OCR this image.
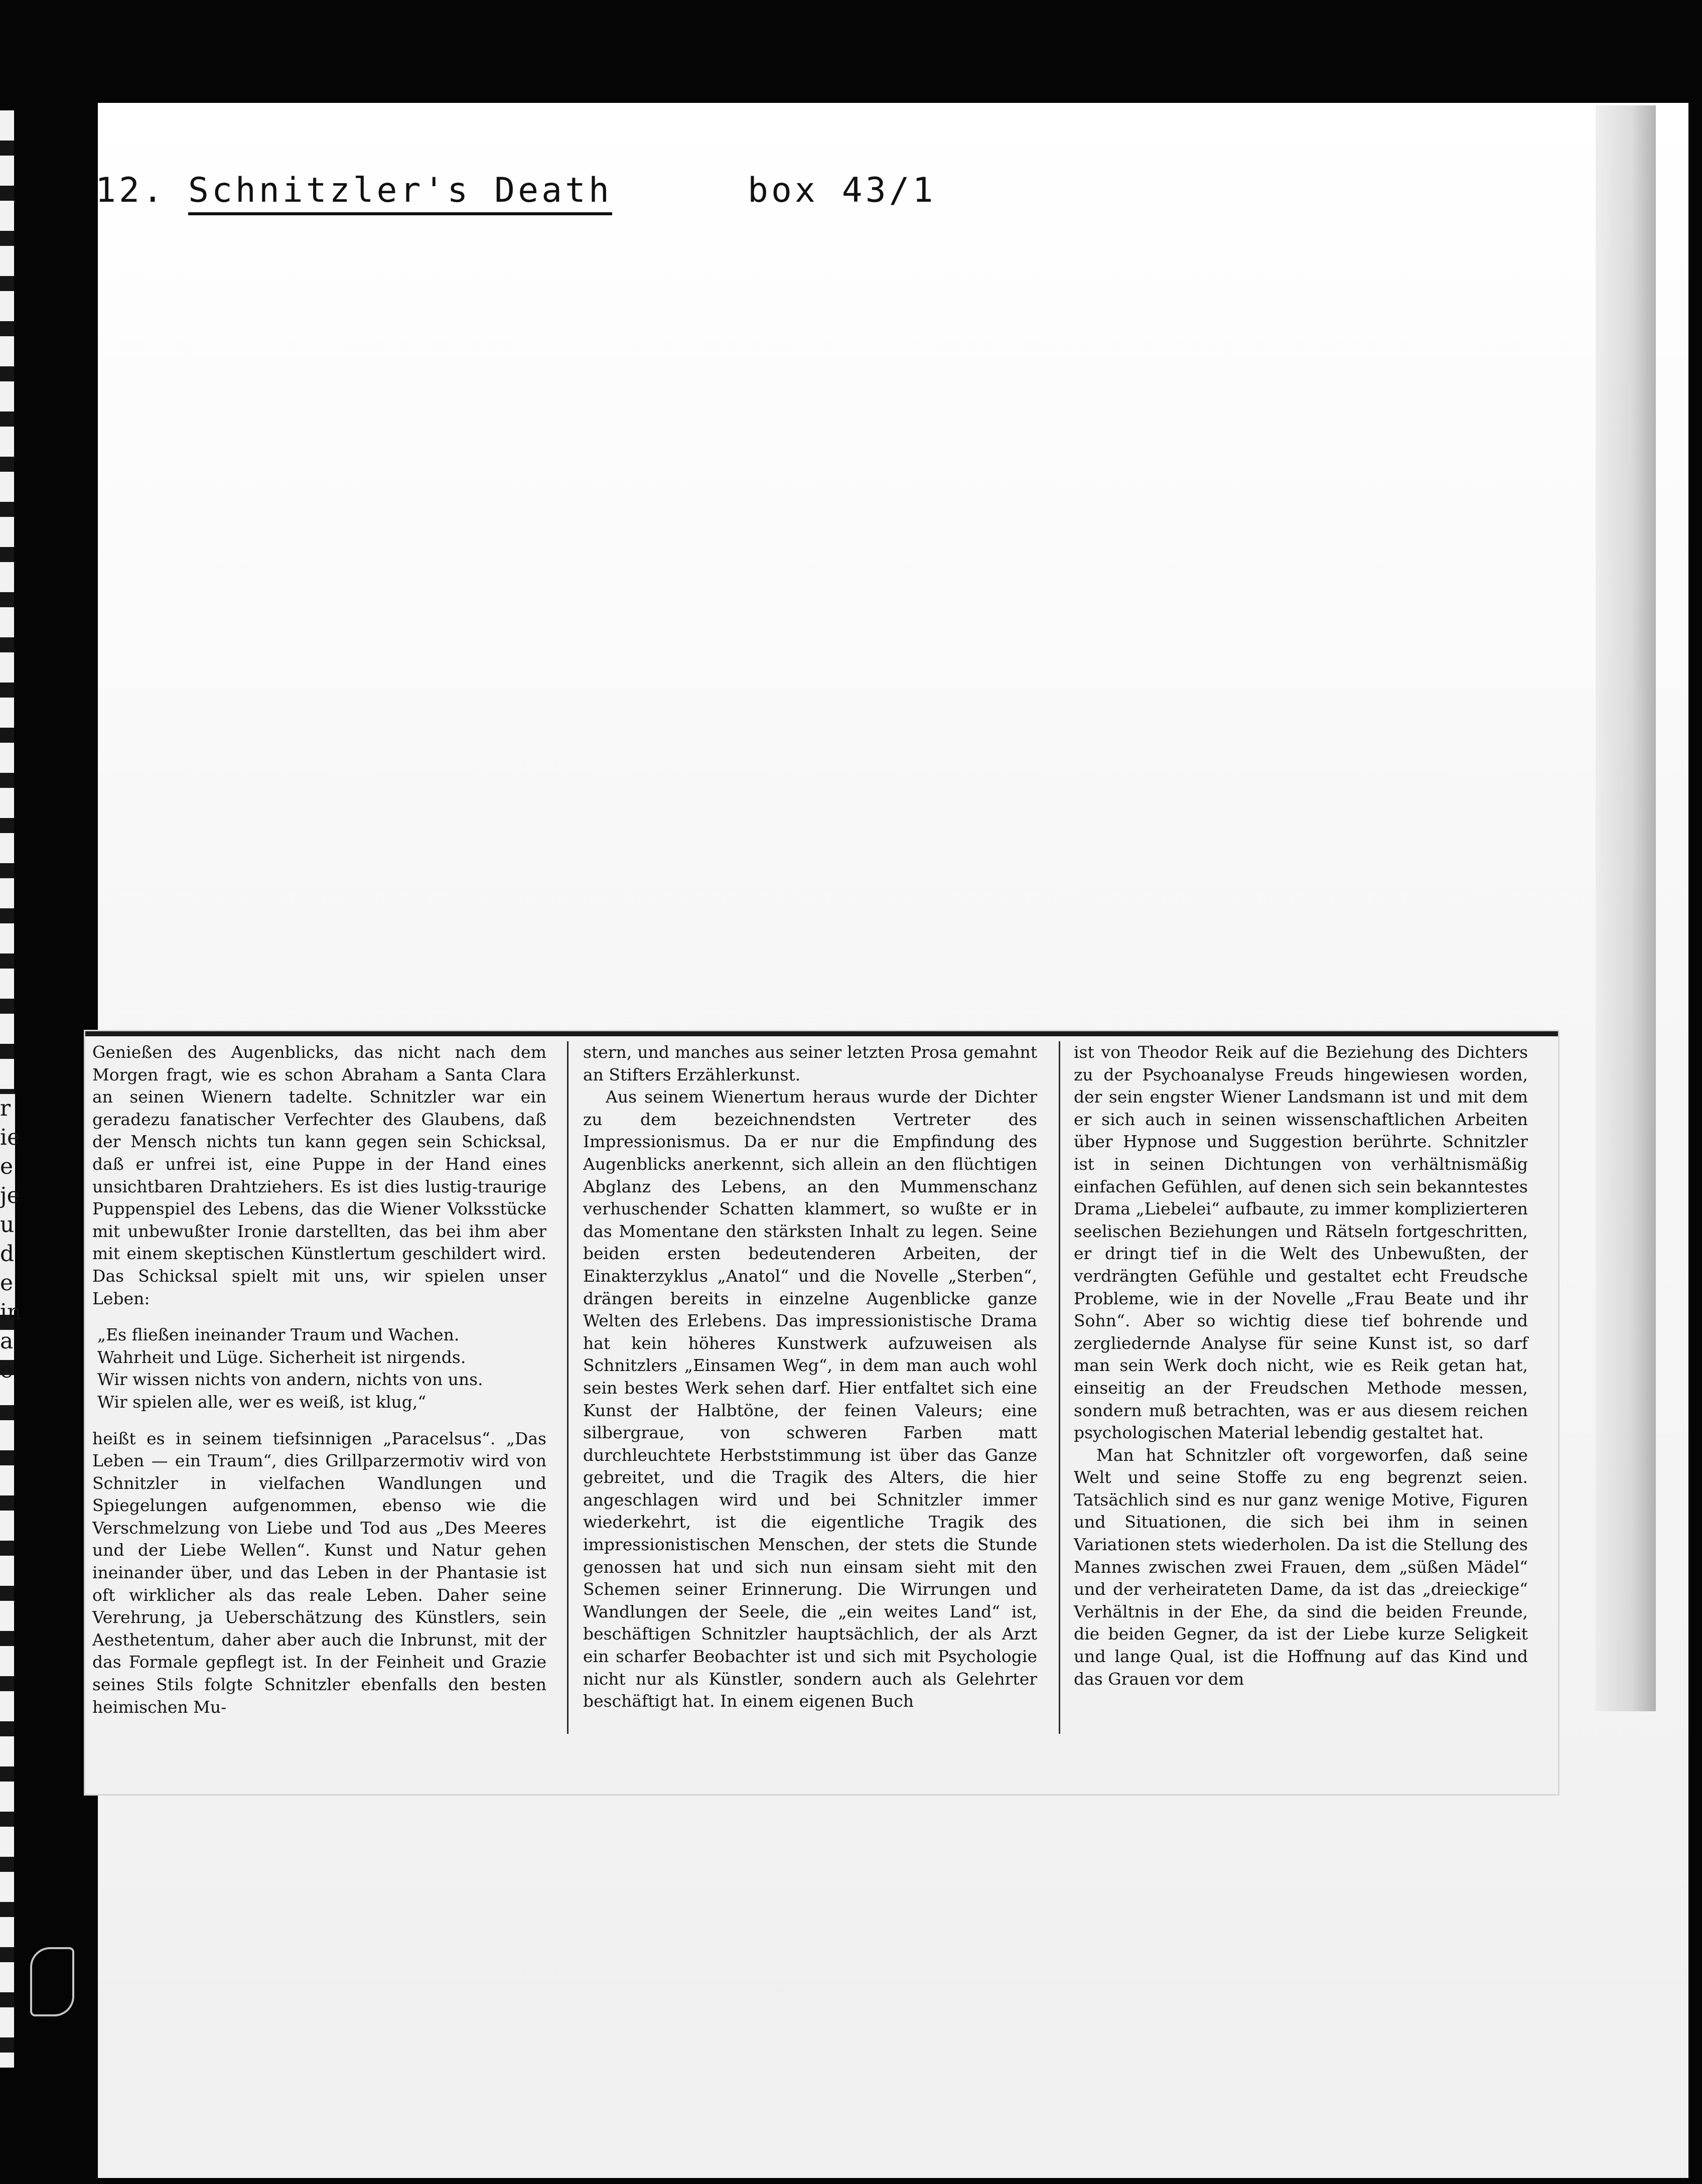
r
ie
e
je
u
d
e
in
a
e
12. Schnitzler's Death	box 43/1

Genießen des Augenblicks, das nicht nach dem Morgen fragt, wie es schon Abraham a Santa Clara an seinen Wienern tadelte. Schnitzler war ein geradezu fanatischer Verfechter des Glaubens, daß der Mensch nichts tun kann gegen sein Schicksal, daß er unfrei ist, eine Puppe in der Hand eines unsichtbaren Drahtziehers. Es ist dies lustig-traurige Puppenspiel des Lebens, das die Wiener Volksstücke mit unbewußter Ironie darstellten, das bei ihm aber mit einem skeptischen Künstlertum geschildert wird. Das Schicksal spielt mit uns, wir spielen unser Leben:

„Es fließen ineinander Traum und Wachen.

Wahrheit und Lüge. Sicherheit ist nirgends.

Wir wissen nichts von andern, nichts von uns.

Wir spielen alle, wer es weiß, ist klug,“

heißt es in seinem tiefsinnigen „Paracelsus“. „Das Leben — ein Traum“, dies Grillparzermotiv wird von Schnitzler in vielfachen Wandlungen und Spiegelungen aufgenommen, ebenso wie die Verschmelzung von Liebe und Tod aus „Des Meeres und der Liebe Wellen“. Kunst und Natur gehen ineinander über, und das Leben in der Phantasie ist oft wirklicher als das reale Leben. Daher seine Verehrung, ja Ueberschätzung des Künstlers, sein Aesthetentum, daher aber auch die Inbrunst, mit der das Formale gepflegt ist. In der Feinheit und Grazie seines Stils folgte Schnitzler ebenfalls den besten heimischen Mu-

stern, und manches aus seiner letzten Prosa gemahnt an Stifters Erzählerkunst.

Aus seinem Wienertum heraus wurde der Dichter zu dem bezeichnendsten Vertreter des Impressionismus. Da er nur die Empfindung des Augenblicks anerkennt, sich allein an den flüchtigen Abglanz des Lebens, an den Mummenschanz verhuschender Schatten klammert, so wußte er in das Momentane den stärksten Inhalt zu legen. Seine beiden ersten bedeutenderen Arbeiten, der Einakterzyklus „Anatol“ und die Novelle „Sterben“, drängen bereits in einzelne Augenblicke ganze Welten des Erlebens. Das impressionistische Drama hat kein höheres Kunstwerk aufzuweisen als Schnitzlers „Einsamen Weg“, in dem man auch wohl sein bestes Werk sehen darf. Hier entfaltet sich eine Kunst der Halbtöne, der feinen Valeurs; eine silbergraue, von schweren Farben matt durchleuchtete Herbststimmung ist über das Ganze gebreitet, und die Tragik des Alters, die hier angeschlagen wird und bei Schnitzler immer wiederkehrt, ist die eigentliche Tragik des impressionistischen Menschen, der stets die Stunde genossen hat und sich nun einsam sieht mit den Schemen seiner Erinnerung. Die Wirrungen und Wandlungen der Seele, die „ein weites Land“ ist, beschäftigen Schnitzler hauptsächlich, der als Arzt ein scharfer Beobachter ist und sich mit Psychologie nicht nur als Künstler, sondern auch als Gelehrter beschäftigt hat. In einem eigenen Buch

ist von Theodor Reik auf die Beziehung des Dichters zu der Psychoanalyse Freuds hingewiesen worden, der sein engster Wiener Landsmann ist und mit dem er sich auch in seinen wissenschaftlichen Arbeiten über Hypnose und Suggestion berührte. Schnitzler ist in seinen Dichtungen von verhältnismäßig einfachen Gefühlen, auf denen sich sein bekanntestes Drama „Liebelei“ aufbaute, zu immer komplizierteren seelischen Beziehungen und Rätseln fortgeschritten, er dringt tief in die Welt des Unbewußten, der verdrängten Gefühle und gestaltet echt Freudsche Probleme, wie in der Novelle „Frau Beate und ihr Sohn“. Aber so wichtig diese tief bohrende und zergliedernde Analyse für seine Kunst ist, so darf man sein Werk doch nicht, wie es Reik getan hat, einseitig an der Freudschen Methode messen, sondern muß betrachten, was er aus diesem reichen psychologischen Material lebendig gestaltet hat.

Man hat Schnitzler oft vorgeworfen, daß seine Welt und seine Stoffe zu eng begrenzt seien. Tatsächlich sind es nur ganz wenige Motive, Figuren und Situationen, die sich bei ihm in seinen Variationen stets wiederholen. Da ist die Stellung des Mannes zwischen zwei Frauen, dem „süßen Mädel“ und der verheirateten Dame, da ist das „dreieckige“ Verhältnis in der Ehe, da sind die beiden Freunde, die beiden Gegner, da ist der Liebe kurze Seligkeit und lange Qual, ist die Hoffnung auf das Kind und das Grauen vor dem
